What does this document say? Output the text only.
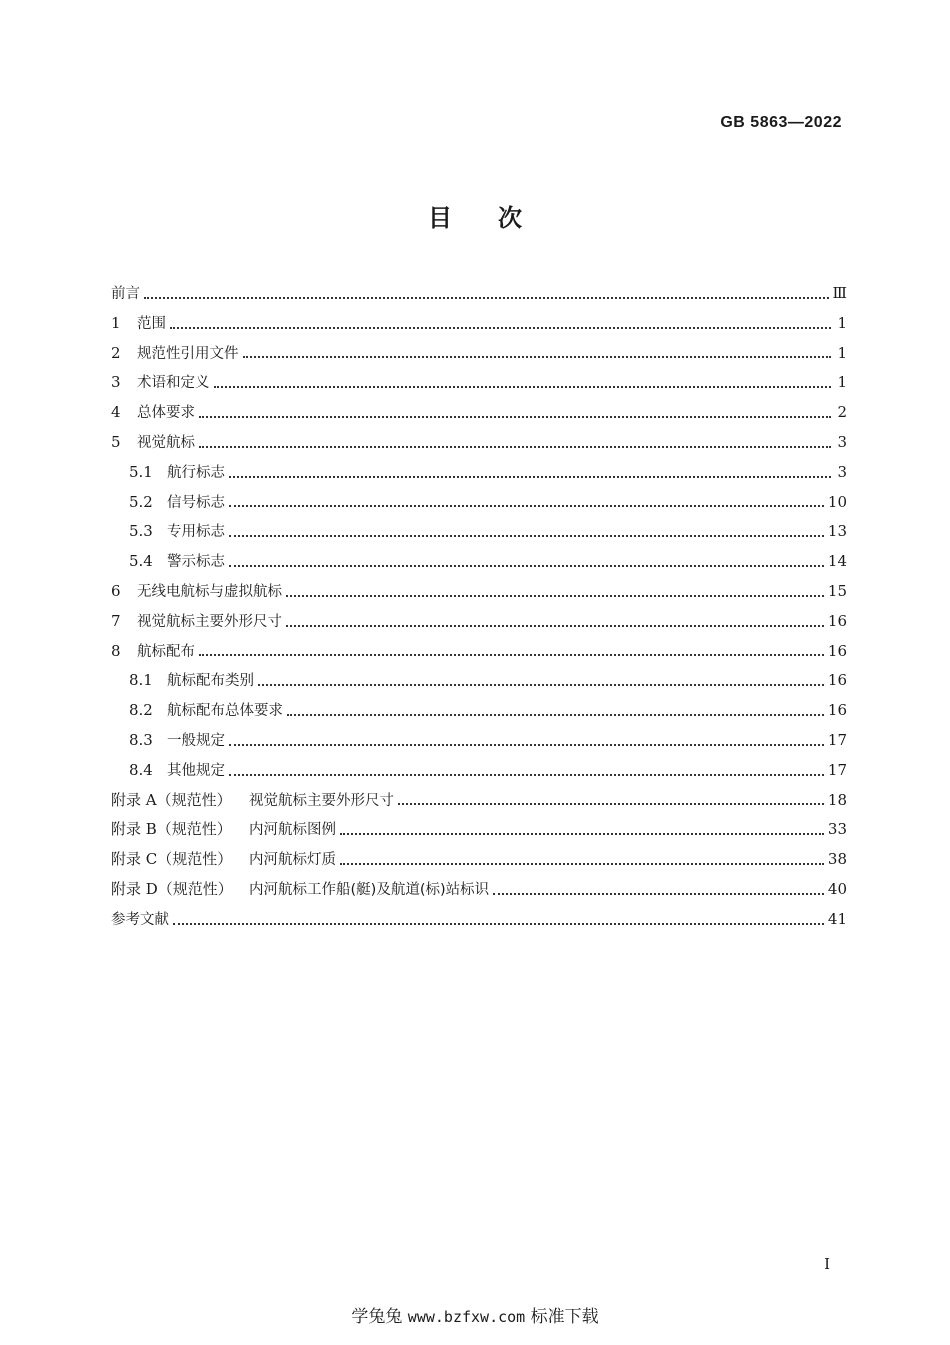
GB 5863—2022
目次
前言	Ⅲ
1	范围	1
2	规范性引用文件	1
3	术语和定义	1
4	总体要求	2
5	视觉航标	3
5.1 航行标志	3
5.2 信号标志	10
5.3 专用标志	13
5.4 警示标志	14
6	无线电航标与虚拟航标	15
7	视觉航标主要外形尺寸	16
8	航标配布	16
8.1 航标配布类别	16
8.2 航标配布总体要求	16
8.3 一般规定	17
8.4 其他规定	17
附录 A（规范性）	视觉航标主要外形尺寸	18
附录 B（规范性）	内河航标图例	33
附录 C（规范性）	内河航标灯质	38
附录 D（规范性）	内河航标工作船(艇)及航道(标)站标识	40
参考文献	41
I
学兔兔 www.bzfxw.com 标准下载
